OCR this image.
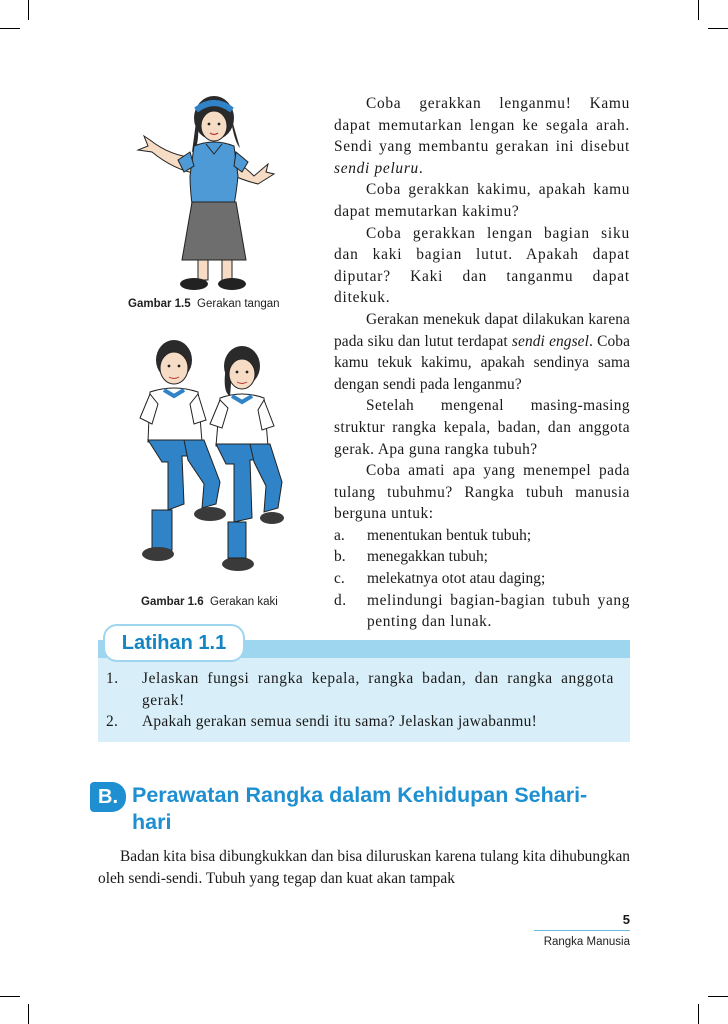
Gambar 1.5 Gerakan tangan
Gambar 1.6 Gerakan kaki

Coba gerakkan lenganmu! Kamu dapat memutarkan lengan ke segala arah. Sendi yang membantu gerakan ini disebut sendi peluru.

Coba gerakkan kakimu, apakah kamu dapat memutarkan kakimu?

Coba gerakkan lengan bagian siku dan kaki bagian lutut. Apakah dapat diputar? Kaki dan tanganmu dapat ditekuk.

Gerakan menekuk dapat dilakukan karena pada siku dan lutut terdapat sendi engsel. Coba kamu tekuk kakimu, apakah sendinya sama dengan sendi pada lenganmu?

Setelah mengenal masing-masing struktur rangka kepala, badan, dan anggota gerak. Apa guna rangka tubuh?

Coba amati apa yang menempel pada tulang tubuhmu? Rangka tubuh manusia berguna untuk:

a. menentukan bentuk tubuh;
b. menegakkan tubuh;
c. melekatnya otot atau daging;
d. melindungi bagian-bagian tubuh yang penting dan lunak.
Latihan 1.1
1. Jelaskan fungsi rangka kepala, rangka badan, dan rangka anggota gerak!
2. Apakah gerakan semua sendi itu sama? Jelaskan jawabanmu!
B. Perawatan Rangka dalam Kehidupan Sehari-hari
Badan kita bisa dibungkukkan dan bisa diluruskan karena tulang kita dihubungkan oleh sendi-sendi. Tubuh yang tegap dan kuat akan tampak
5
Rangka Manusia
